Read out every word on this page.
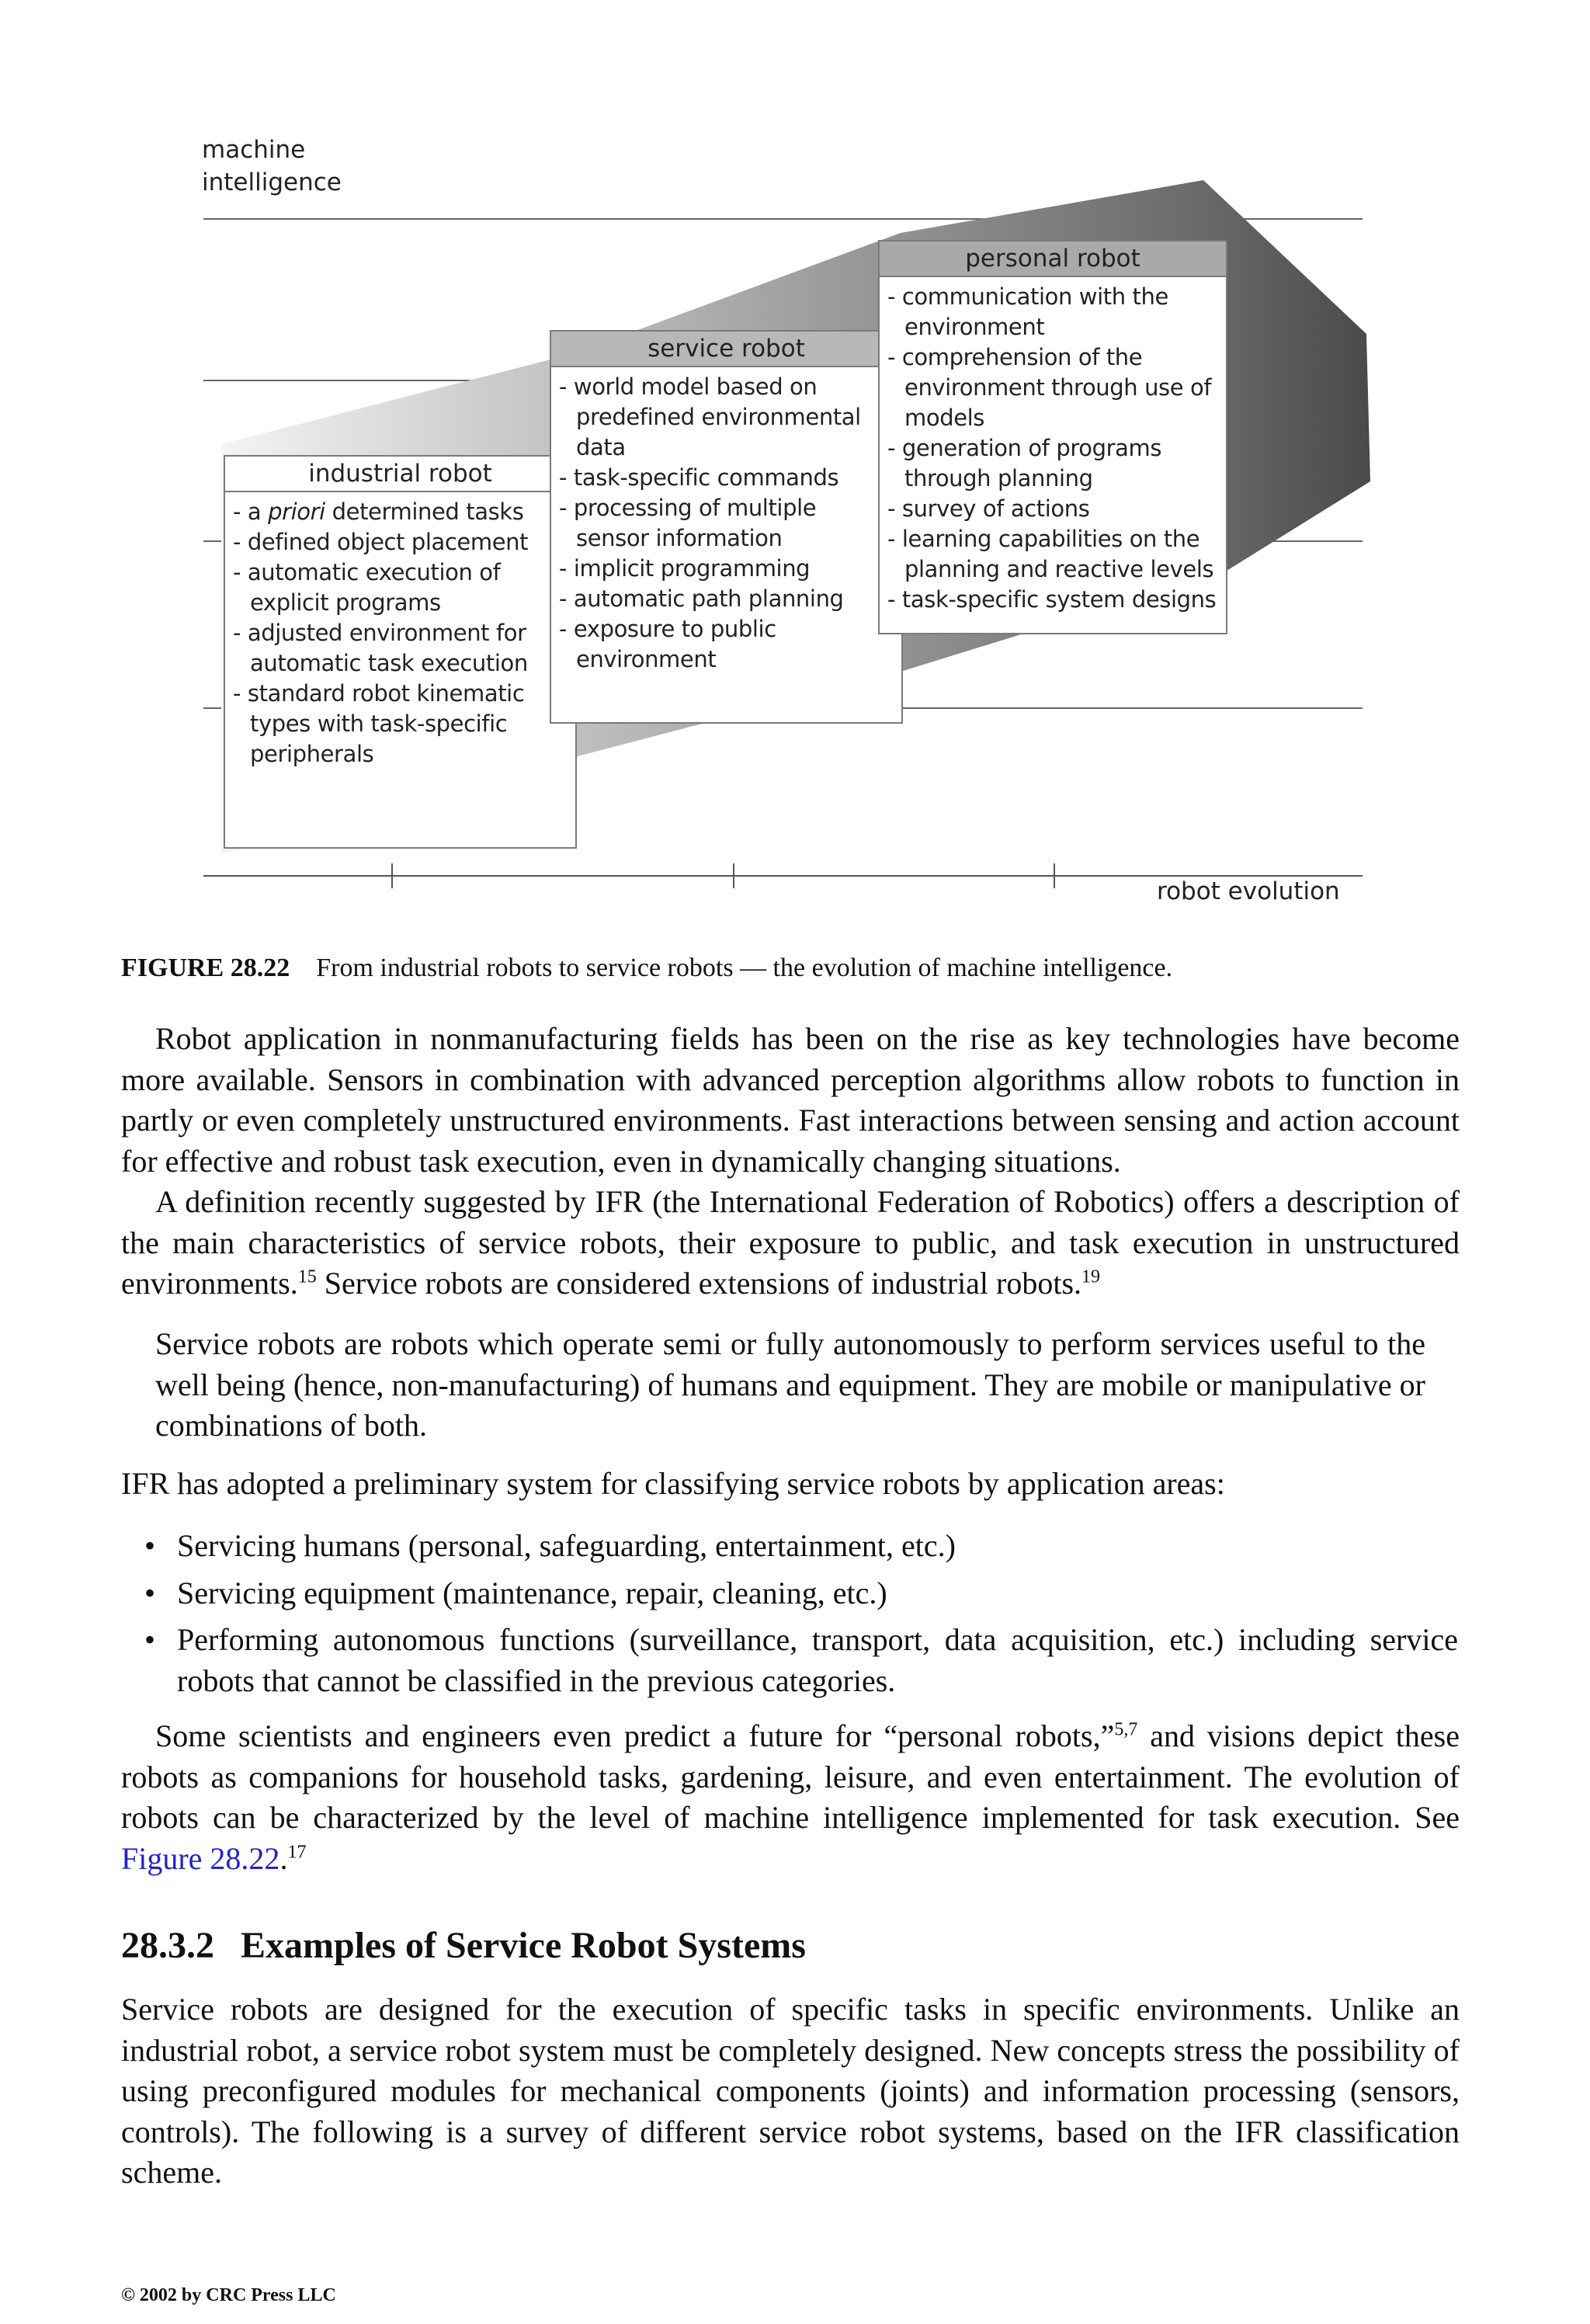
machine
intelligence
robot evolution
industrial robot
- a priori determined tasks
- defined object placement
- automatic execution of explicit programs
- adjusted environment for automatic task execution
- standard robot kinematic types with task-specific peripherals
service robot
- world model based on predefined environmental data
- task-specific commands
- processing of multiple sensor information
- implicit programming
- automatic path planning
- exposure to public environment
personal robot
- communication with the environment
- comprehension of the environment through use of models
- generation of programs through planning
- survey of actions
- learning capabilities on the planning and reactive levels
- task-specific system designs
FIGURE 28.22 From industrial robots to service robots — the evolution of machine intelligence.

Robot application in nonmanufacturing fields has been on the rise as key technologies have become more available. Sensors in combination with advanced perception algorithms allow robots to function in partly or even completely unstructured environments. Fast interactions between sensing and action account for effective and robust task execution, even in dynamically changing situations.

A definition recently suggested by IFR (the International Federation of Robotics) offers a description of the main characteristics of service robots, their exposure to public, and task execution in unstructured environments.$^{15}$ Service robots are considered extensions of industrial robots.$^{19}$

Service robots are robots which operate semi or fully autonomously to perform services useful to the well being (hence, non-manufacturing) of humans and equipment. They are mobile or manipulative or combinations of both.

IFR has adopted a preliminary system for classifying service robots by application areas:

• Servicing humans (personal, safeguarding, entertainment, etc.)
• Servicing equipment (maintenance, repair, cleaning, etc.)
• Performing autonomous functions (surveillance, transport, data acquisition, etc.) including service robots that cannot be classified in the previous categories.

Some scientists and engineers even predict a future for “personal robots,”$^{5,7}$ and visions depict these robots as companions for household tasks, gardening, leisure, and even entertainment. The evolution of robots can be characterized by the level of machine intelligence implemented for task execution. See Figure 28.22.17

28.3.2 Examples of Service Robot Systems

Service robots are designed for the execution of specific tasks in specific environments. Unlike an industrial robot, a service robot system must be completely designed. New concepts stress the possibility of using preconfigured modules for mechanical components (joints) and information processing (sensors, controls). The following is a survey of different service robot systems, based on the IFR classification scheme.

© 2002 by CRC Press LLC
